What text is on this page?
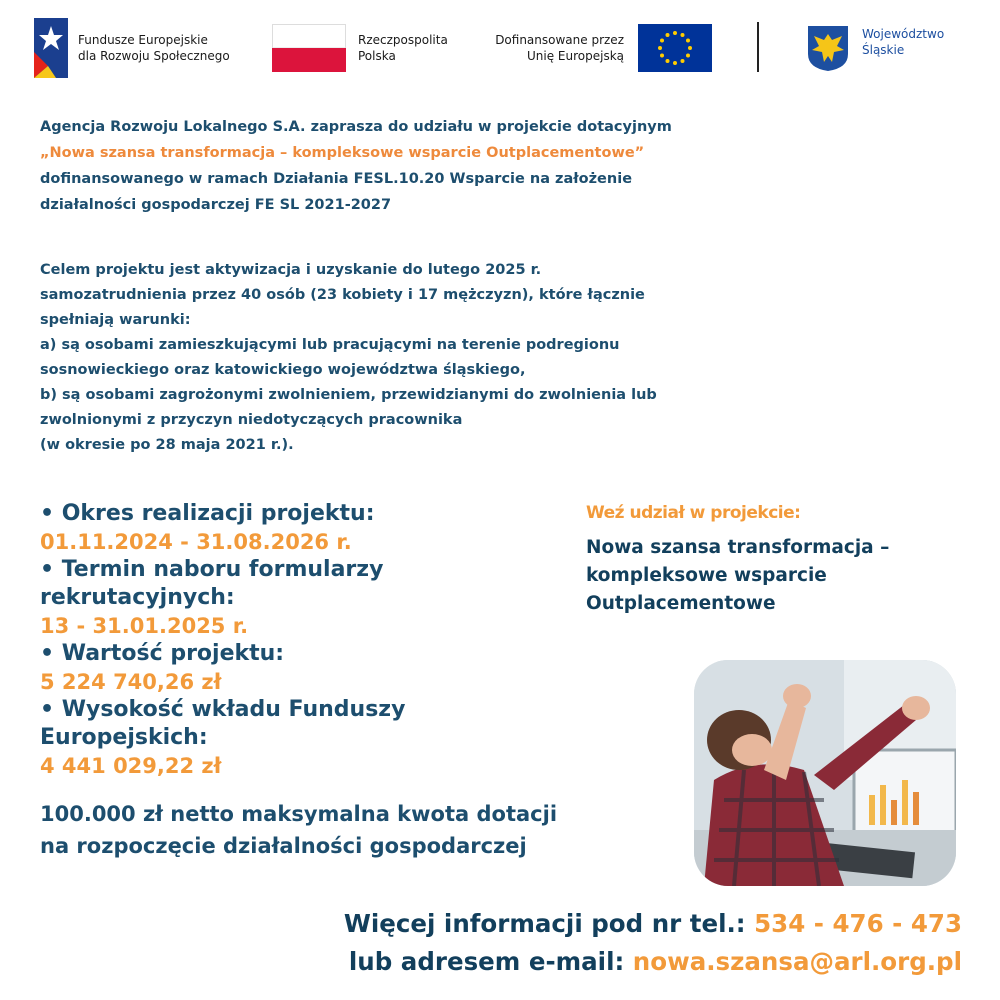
Fundusze Europejskie
dla Rozwoju Społecznego
Rzeczpospolita
Polska
Dofinansowane przez
Unię Europejską
Województwo
Śląskie
Agencja Rozwoju Lokalnego S.A. zaprasza do udziału w projekcie dotacyjnym
„Nowa szansa transformacja – kompleksowe wsparcie Outplacementowe”
dofinansowanego w ramach Działania FESL.10.20 Wsparcie na założenie
działalności gospodarczej FE SL 2021-2027
Celem projektu jest aktywizacja i uzyskanie do lutego 2025 r.
samozatrudnienia przez 40 osób (23 kobiety i 17 mężczyzn), które łącznie
spełniają warunki:
a) są osobami zamieszkującymi lub pracującymi na terenie podregionu
sosnowieckiego oraz katowickiego województwa śląskiego,
b) są osobami zagrożonymi zwolnieniem, przewidzianymi do zwolnienia lub
zwolnionymi z przyczyn niedotyczących pracownika
(w okresie po 28 maja 2021 r.).
• Okres realizacji projektu:
01.11.2024 - 31.08.2026 r.
• Termin naboru formularzy
rekrutacyjnych:
13 - 31.01.2025 r.
• Wartość projektu:
5 224 740,26 zł
• Wysokość wkładu Funduszy
Europejskich:
4 441 029,22 zł
100.000 zł netto maksymalna kwota dotacji
na rozpoczęcie działalności gospodarczej
Weź udział w projekcie:
Nowa szansa transformacja –
kompleksowe wsparcie
Outplacementowe
Więcej informacji pod nr tel.: 534 - 476 - 473
lub adresem e-mail: nowa.szansa@arl.org.pl
